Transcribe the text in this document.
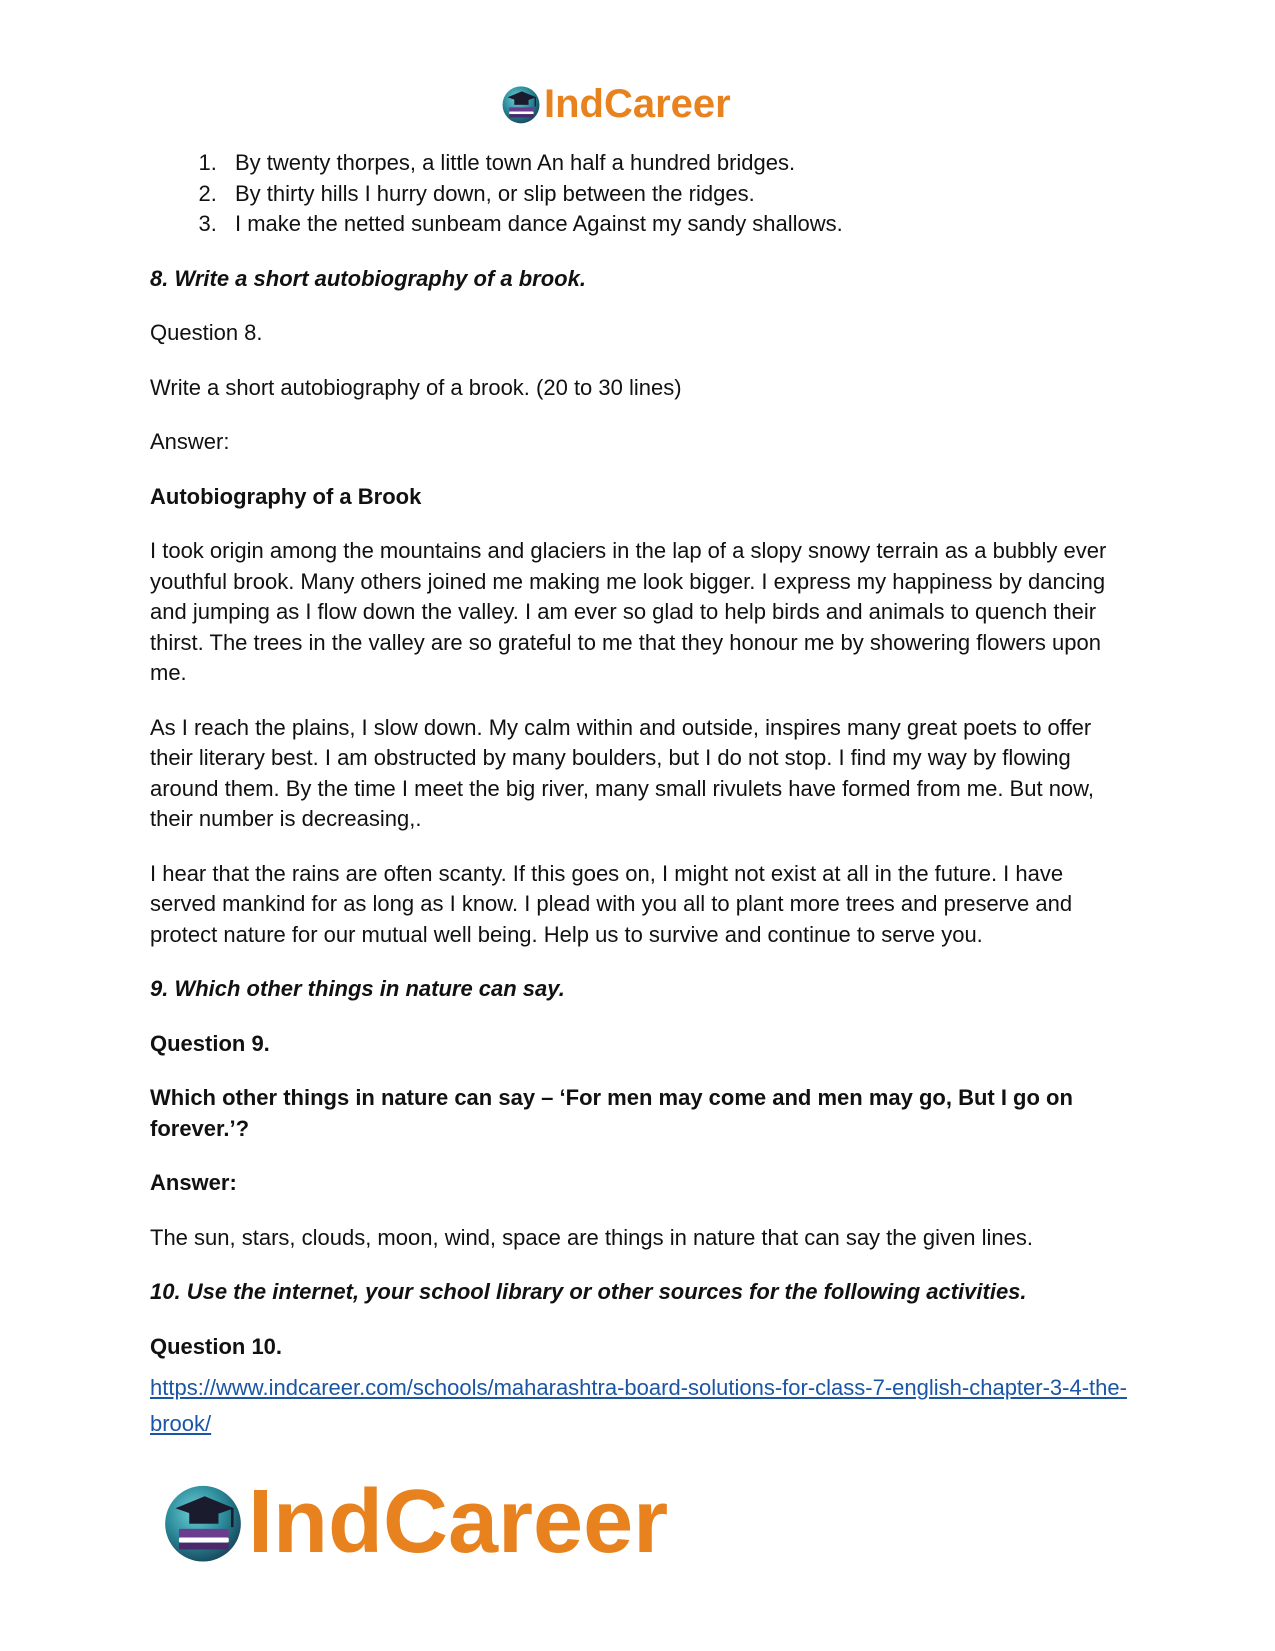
IndCareer
1. By twenty thorpes, a little town An half a hundred bridges.
2. By thirty hills I hurry down, or slip between the ridges.
3. I make the netted sunbeam dance Against my sandy shallows.

8. Write a short autobiography of a brook.

Question 8.

Write a short autobiography of a brook. (20 to 30 lines)

Answer:

Autobiography of a Brook

I took origin among the mountains and glaciers in the lap of a slopy snowy terrain as a bubbly ever youthful brook. Many others joined me making me look bigger. I express my happiness by dancing and jumping as I flow down the valley. I am ever so glad to help birds and animals to quench their thirst. The trees in the valley are so grateful to me that they honour me by showering flowers upon me.

As I reach the plains, I slow down. My calm within and outside, inspires many great poets to offer their literary best. I am obstructed by many boulders, but I do not stop. I find my way by flowing around them. By the time I meet the big river, many small rivulets have formed from me. But now, their number is decreasing,.

I hear that the rains are often scanty. If this goes on, I might not exist at all in the future. I have served mankind for as long as I know. I plead with you all to plant more trees and preserve and protect nature for our mutual well being. Help us to survive and continue to serve you.

9. Which other things in nature can say.

Question 9.

Which other things in nature can say – ‘For men may come and men may go, But I go on forever.’?

Answer:

The sun, stars, clouds, moon, wind, space are things in nature that can say the given lines.

10. Use the internet, your school library or other sources for the following activities.

Question 10.

https://www.indcareer.com/schools/maharashtra-board-solutions-for-class-7-english-chapter-3-4-the-brook/
IndCareer
